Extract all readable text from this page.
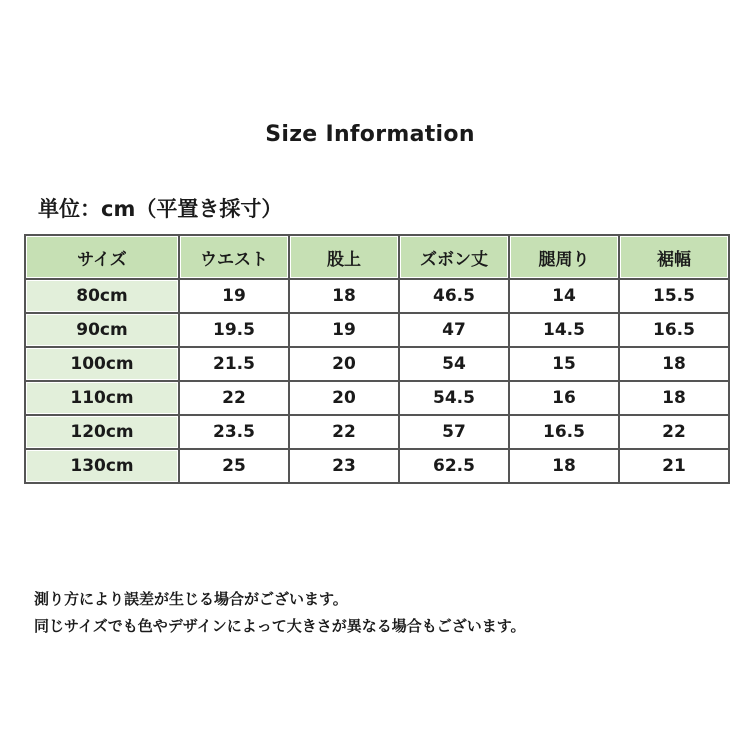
Size Information
単位：cm（平置き採寸）
サイズ	ウエスト	股上	ズボン丈	腿周り	裾幅
80cm	19	18	46.5	14	15.5
90cm	19.5	19	47	14.5	16.5
100cm	21.5	20	54	15	18
110cm	22	20	54.5	16	18
120cm	23.5	22	57	16.5	22
130cm	25	23	62.5	18	21
測り方により誤差が生じる場合がございます。
同じサイズでも色やデザインによって大きさが異なる場合もございます。
